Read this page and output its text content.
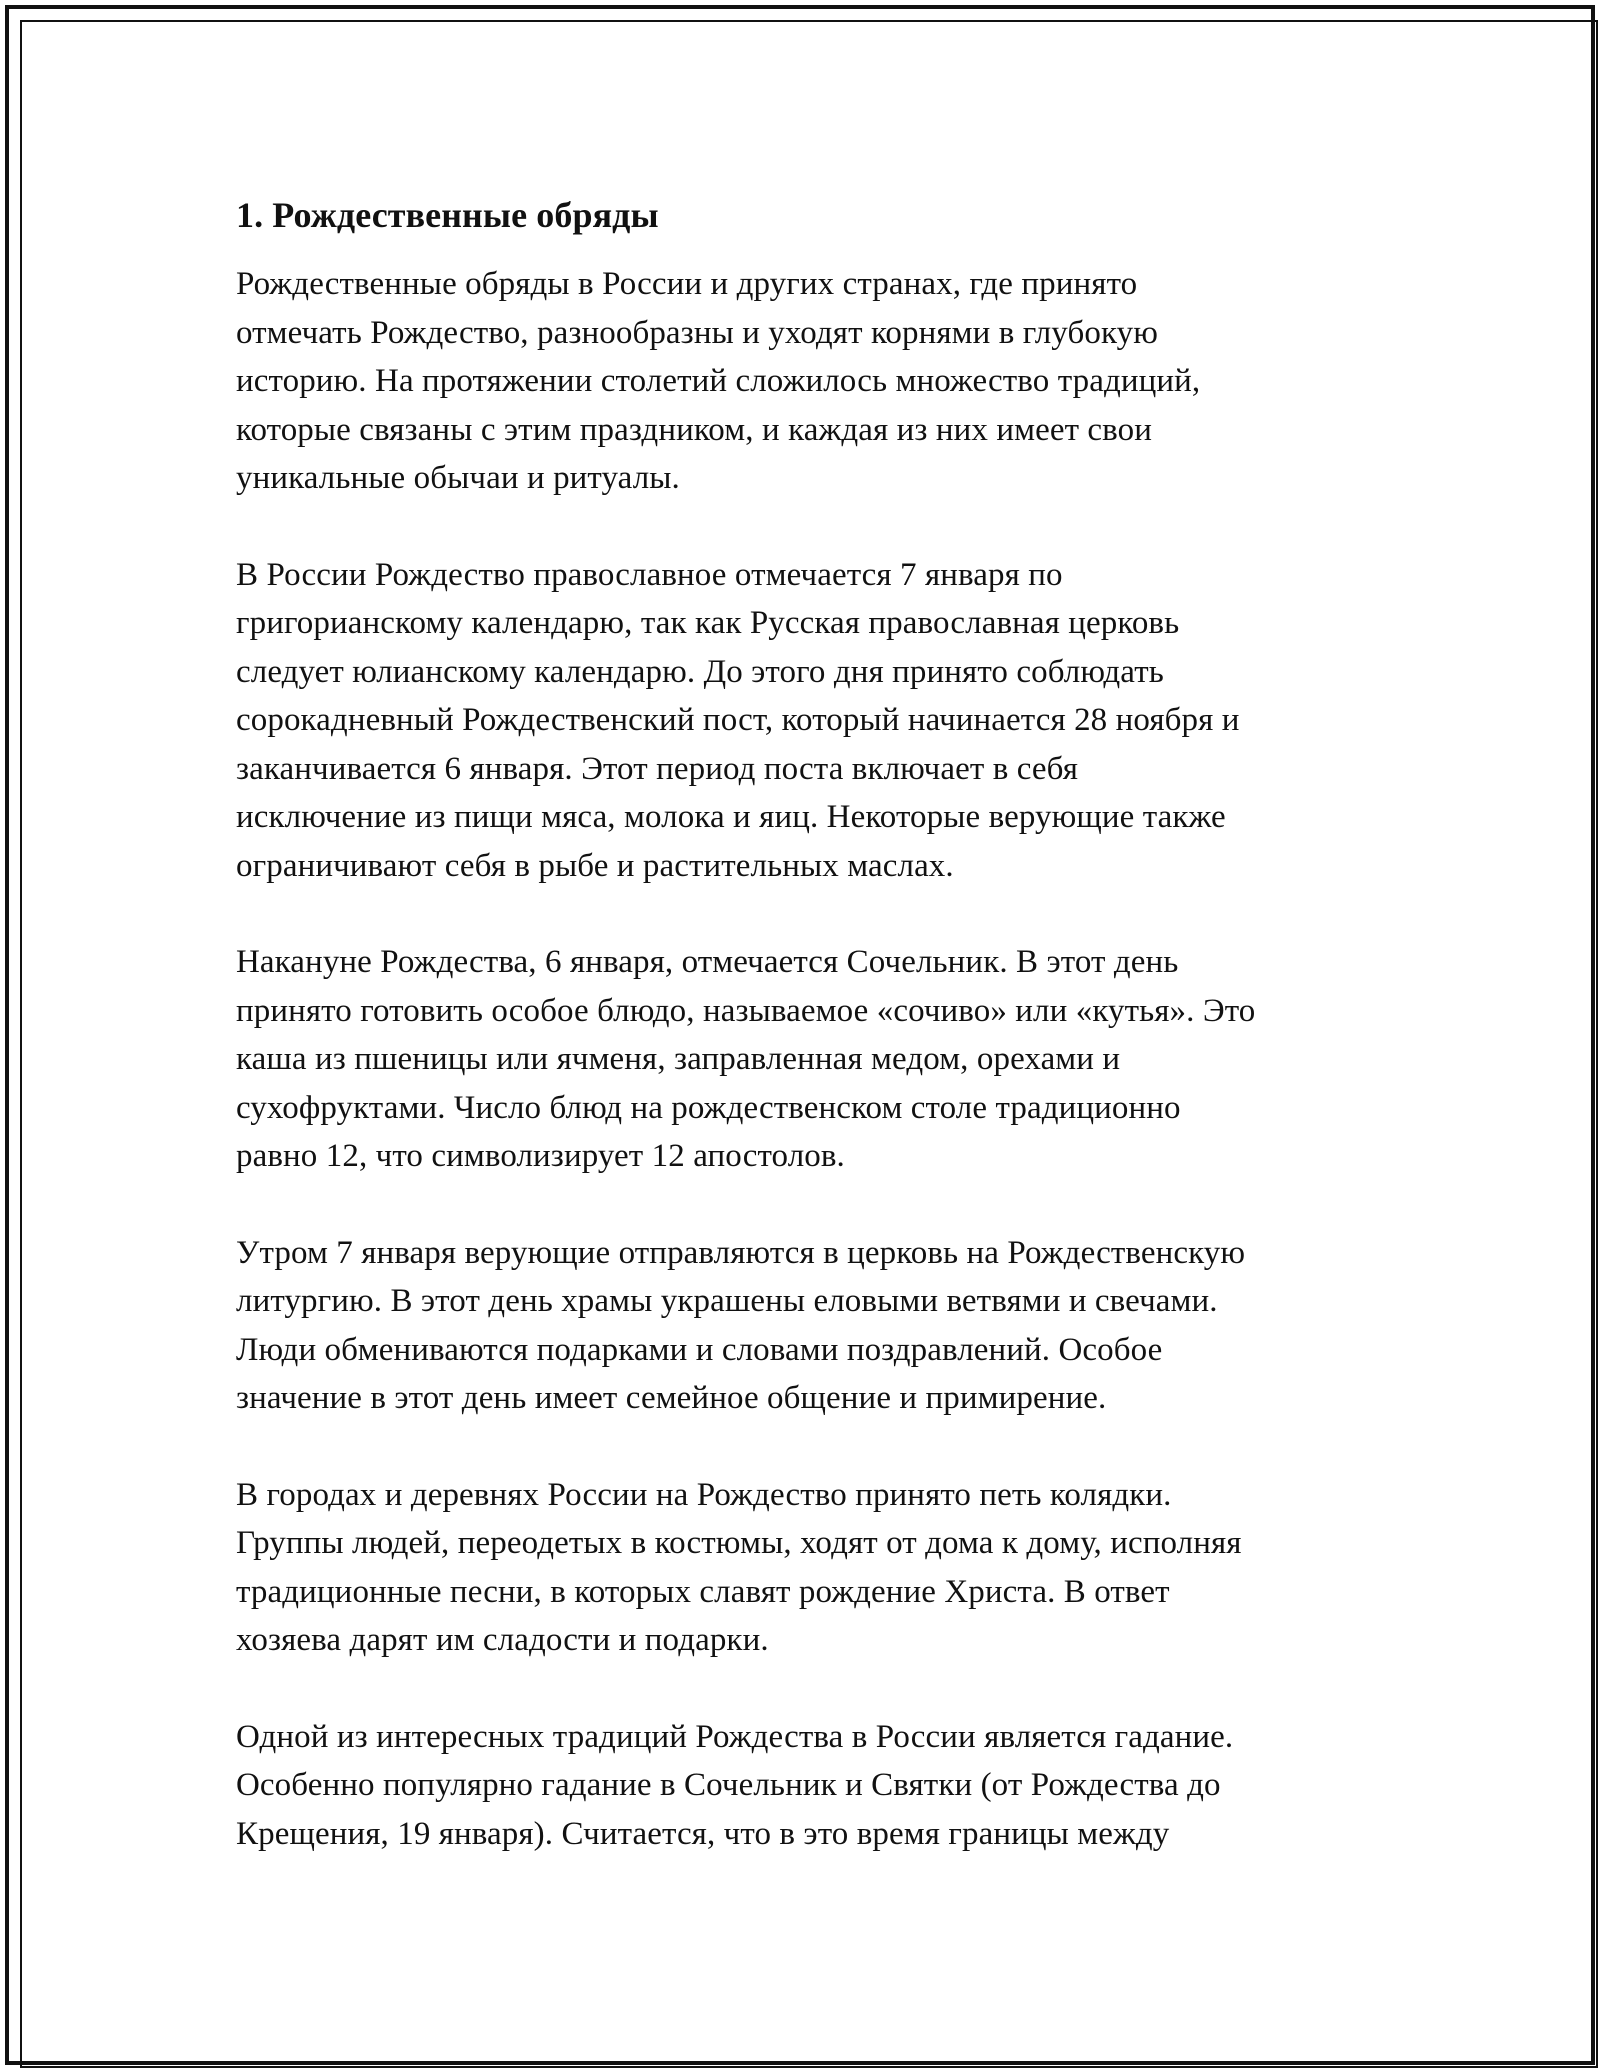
1. Рождественные обряды

Рождественные обряды в России и других странах, где принято
отмечать Рождество, разнообразны и уходят корнями в глубокую
историю. На протяжении столетий сложилось множество традиций,
которые связаны с этим праздником, и каждая из них имеет свои
уникальные обычаи и ритуалы.

В России Рождество православное отмечается 7 января по
григорианскому календарю, так как Русская православная церковь
следует юлианскому календарю. До этого дня принято соблюдать
сорокадневный Рождественский пост, который начинается 28 ноября и
заканчивается 6 января. Этот период поста включает в себя
исключение из пищи мяса, молока и яиц. Некоторые верующие также
ограничивают себя в рыбе и растительных маслах.

Накануне Рождества, 6 января, отмечается Сочельник. В этот день
принято готовить особое блюдо, называемое «сочиво» или «кутья». Это
каша из пшеницы или ячменя, заправленная медом, орехами и
сухофруктами. Число блюд на рождественском столе традиционно
равно 12, что символизирует 12 апостолов.

Утром 7 января верующие отправляются в церковь на Рождественскую
литургию. В этот день храмы украшены еловыми ветвями и свечами.
Люди обмениваются подарками и словами поздравлений. Особое
значение в этот день имеет семейное общение и примирение.

В городах и деревнях России на Рождество принято петь колядки.
Группы людей, переодетых в костюмы, ходят от дома к дому, исполняя
традиционные песни, в которых славят рождение Христа. В ответ
хозяева дарят им сладости и подарки.

Одной из интересных традиций Рождества в России является гадание.
Особенно популярно гадание в Сочельник и Святки (от Рождества до
Крещения, 19 января). Считается, что в это время границы между
